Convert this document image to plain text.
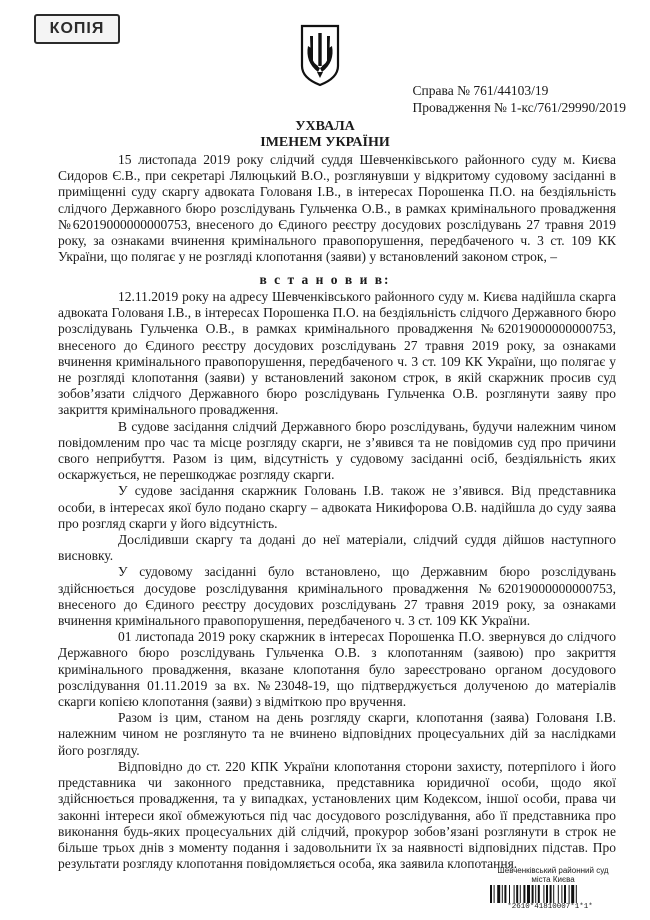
КОПІЯ
Справа № 761/44103/19
Провадження № 1-кс/761/29990/2019
УХВАЛА
ІМЕНЕМ УКРАЇНИ

15 листопада 2019 року слідчий суддя Шевченківського районного суду м. Києва Сидоров Є.В., при секретарі Лялюцький В.О., розглянувши у відкритому судовому засіданні в приміщенні суду скаргу адвоката Голованя І.В., в інтересах Порошенка П.О. на бездіяльність слідчого Державного бюро розслідувань Гульченка О.В., в рамках кримінального провадження №62019000000000753, внесеного до Єдиного реєстру досудових розслідувань 27 травня 2019 року, за ознаками вчинення кримінального правопорушення, передбаченого ч. 3 ст. 109 КК України, що полягає у не розгляді клопотання (заяви) у встановлений законом строк, –

в с т а н о в и в:

12.11.2019 року на адресу Шевченківського районного суду м. Києва надійшла скарга адвоката Голованя І.В., в інтересах Порошенка П.О. на бездіяльність слідчого Державного бюро розслідувань Гульченка О.В., в рамках кримінального провадження №62019000000000753, внесеного до Єдиного реєстру досудових розслідувань 27 травня 2019 року, за ознаками вчинення кримінального правопорушення, передбаченого ч. 3 ст. 109 КК України, що полягає у не розгляді клопотання (заяви) у встановлений законом строк, в якій скаржник просив суд зобов’язати слідчого Державного бюро розслідувань Гульченка О.В. розглянути заяву про закриття кримінального провадження.

В судове засідання слідчий Державного бюро розслідувань, будучи належним чином повідомленим про час та місце розгляду скарги, не з’явився та не повідомив суд про причини свого неприбуття. Разом із цим, відсутність у судовому засіданні осіб, бездіяльність яких оскаржується, не перешкоджає розгляду скарги.

У судове засідання скаржник Головань І.В. також не з’явився. Від представника особи, в інтересах якої було подано скаргу – адвоката Никифорова О.В. надійшла до суду заява про розгляд скарги у його відсутність.

Дослідивши скаргу та додані до неї матеріали, слідчий суддя дійшов наступного висновку.

У судовому засіданні було встановлено, що Державним бюро розслідувань здійснюється досудове розслідування кримінального провадження №62019000000000753, внесеного до Єдиного реєстру досудових розслідувань 27 травня 2019 року, за ознаками вчинення кримінального правопорушення, передбаченого ч. 3 ст. 109 КК України.

01 листопада 2019 року скаржник в інтересах Порошенка П.О. звернувся до слідчого Державного бюро розслідувань Гульченка О.В. з клопотанням (заявою) про закриття кримінального провадження, вказане клопотання було зареєстровано органом досудового розслідування 01.11.2019 за вх. №23048-19, що підтверджується долученою до матеріалів скарги копією клопотання (заяви) з відміткою про вручення.

Разом із цим, станом на день розгляду скарги, клопотання (заява) Голованя І.В. належним чином не розглянуто та не вчинено відповідних процесуальних дій за наслідками його розгляду.

Відповідно до ст. 220 КПК України клопотання сторони захисту, потерпілого і його представника чи законного представника, представника юридичної особи, щодо якої здійснюється провадження, та у випадках, установлених цим Кодексом, іншої особи, права чи законні інтереси якої обмежуються під час досудового розслідування, або її представника про виконання будь-яких процесуальних дій слідчий, прокурор зобов’язані розглянути в строк не більше трьох днів з моменту подання і задовольнити їх за наявності відповідних підстав. Про результати розгляду клопотання повідомляється особа, яка заявила клопотання.

Шевченківський районний суд
міста Києва
*2610*41810007*1*1*
